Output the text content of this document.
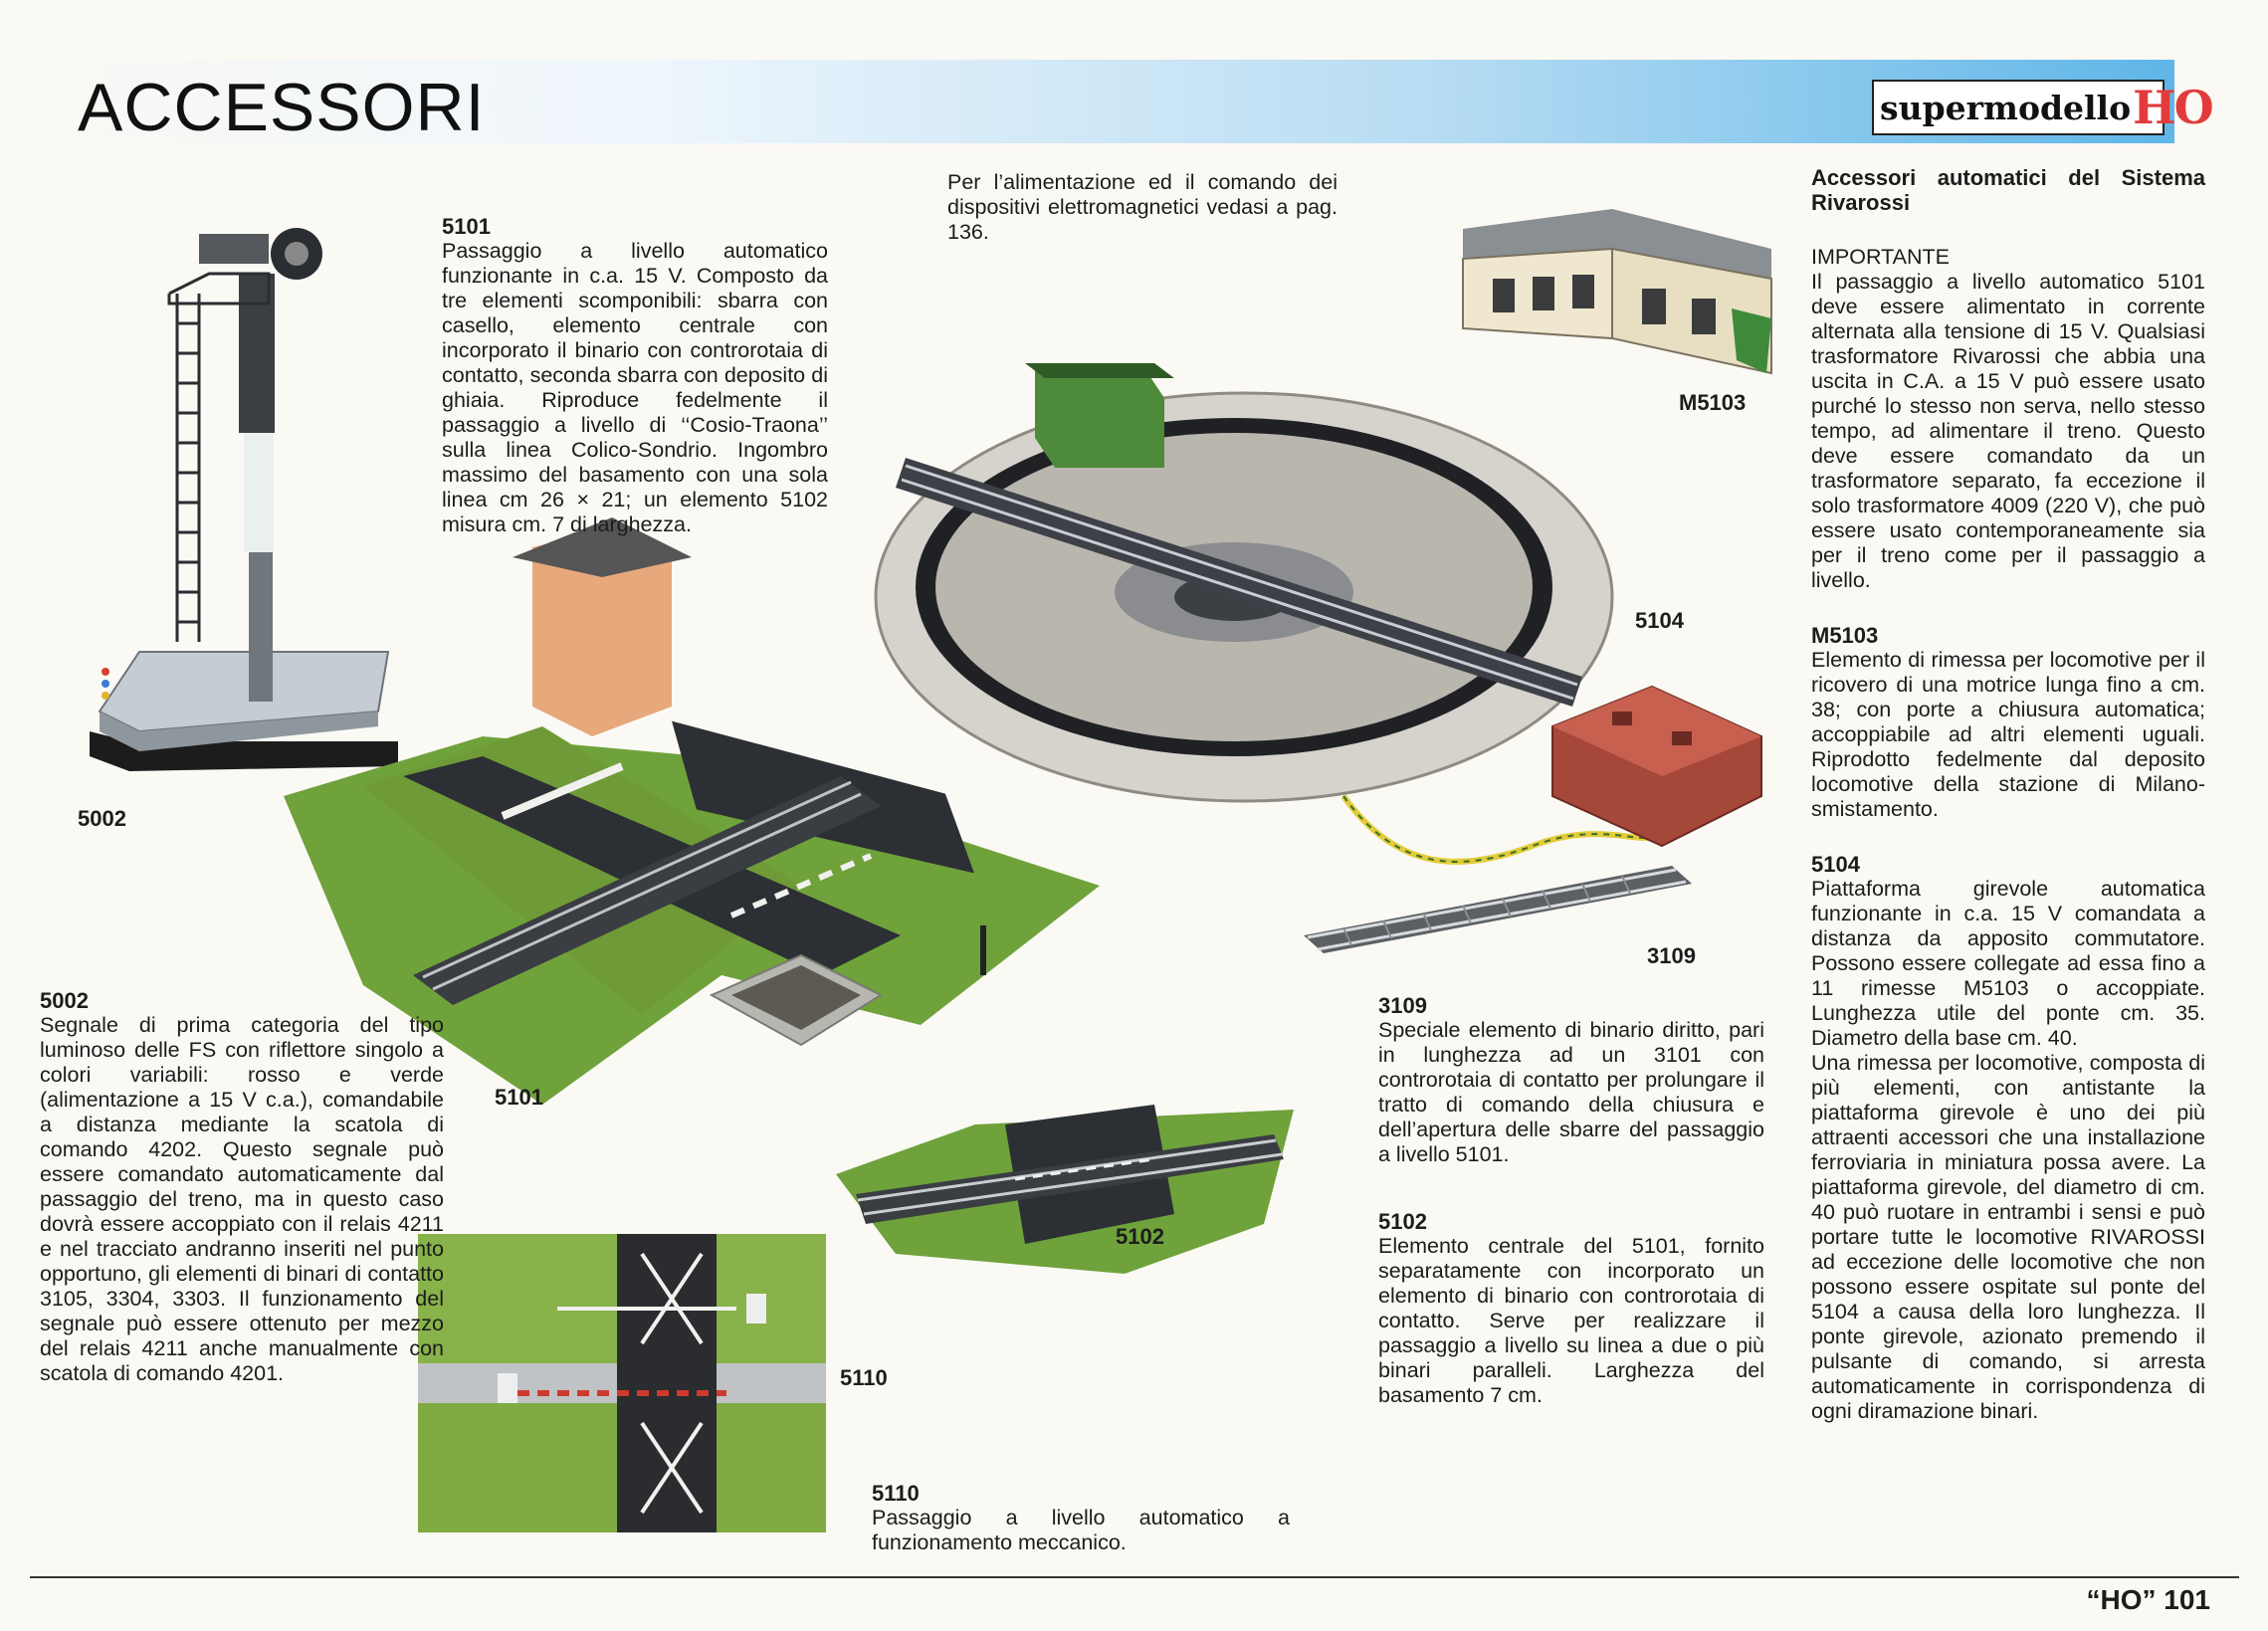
ACCESSORI	supermodello HO
5002
5101
5104
M5103
3109
5102
5110

5101

Passaggio a livello automatico funzionante in c.a. 15 V. Composto da tre elementi scomponibili: sbarra con casello, elemento centrale con incorporato il binario con controrotaia di contatto, seconda sbarra con deposito di ghiaia. Riproduce fedelmente il passaggio a livello di ‘‘Cosio-Traona’’ sulla linea Colico-Sondrio. Ingombro massimo del basamento con una sola linea cm 26 × 21; un elemento 5102 misura cm. 7 di larghezza.

Per l’alimentazione ed il comando dei dispositivi elettromagnetici vedasi a pag. 136.

5002

Segnale di prima categoria del tipo luminoso delle FS con riflettore singolo a colori variabili: rosso e verde (alimentazione a 15 V c.a.), comandabile a distanza mediante la scatola di comando 4202. Questo segnale può essere comandato automaticamente dal passaggio del treno, ma in questo caso dovrà essere accoppiato con il relais 4211 e nel tracciato andranno inseriti nel punto opportuno, gli elementi di binari di contatto 3105, 3304, 3303. Il funzionamento del segnale può essere ottenuto per mezzo del relais 4211 anche manualmente con scatola di comando 4201.

3109

Speciale elemento di binario diritto, pari in lunghezza ad un 3101 con controrotaia di contatto per prolungare il tratto di comando della chiusura e dell’apertura delle sbarre del passaggio a livello 5101.

5102

Elemento centrale del 5101, fornito separatamente con incorporato un elemento di binario con controrotaia di contatto. Serve per realizzare il passaggio a livello su linea a due o più binari paralleli. Larghezza del basamento 7 cm.

5110

Passaggio a livello automatico a funzionamento meccanico.

Accessori automatici del Sistema Rivarossi

IMPORTANTE

Il passaggio a livello automatico 5101 deve essere alimentato in corrente alternata alla tensione di 15 V. Qualsiasi trasformatore Rivarossi che abbia una uscita in C.A. a 15 V può essere usato purché lo stesso non serva, nello stesso tempo, ad alimentare il treno. Questo deve essere comandato da un trasformatore separato, fa eccezione il solo trasformatore 4009 (220 V), che può essere usato contemporaneamente sia per il treno come per il passaggio a livello.

M5103

Elemento di rimessa per locomotive per il ricovero di una motrice lunga fino a cm. 38; con porte a chiusura automatica; accoppiabile ad altri elementi uguali. Riprodotto fedelmente dal deposito locomotive della stazione di Milano-smistamento.

5104

Piattaforma girevole automatica funzionante in c.a. 15 V comandata a distanza da apposito commutatore. Possono essere collegate ad essa fino a 11 rimesse M5103 o accoppiate. Lunghezza utile del ponte cm. 35. Diametro della base cm. 40.

Una rimessa per locomotive, composta di più elementi, con antistante la piattaforma girevole è uno dei più attraenti accessori che una installazione ferroviaria in miniatura possa avere. La piattaforma girevole, del diametro di cm. 40 può ruotare in entrambi i sensi e può portare tutte le locomotive RIVAROSSI ad eccezione delle locomotive che non possono essere ospitate sul ponte del 5104 a causa della loro lunghezza. Il ponte girevole, azionato premendo il pulsante di comando, si arresta automaticamente in corrispondenza di ogni diramazione binari.

“HO” 101
